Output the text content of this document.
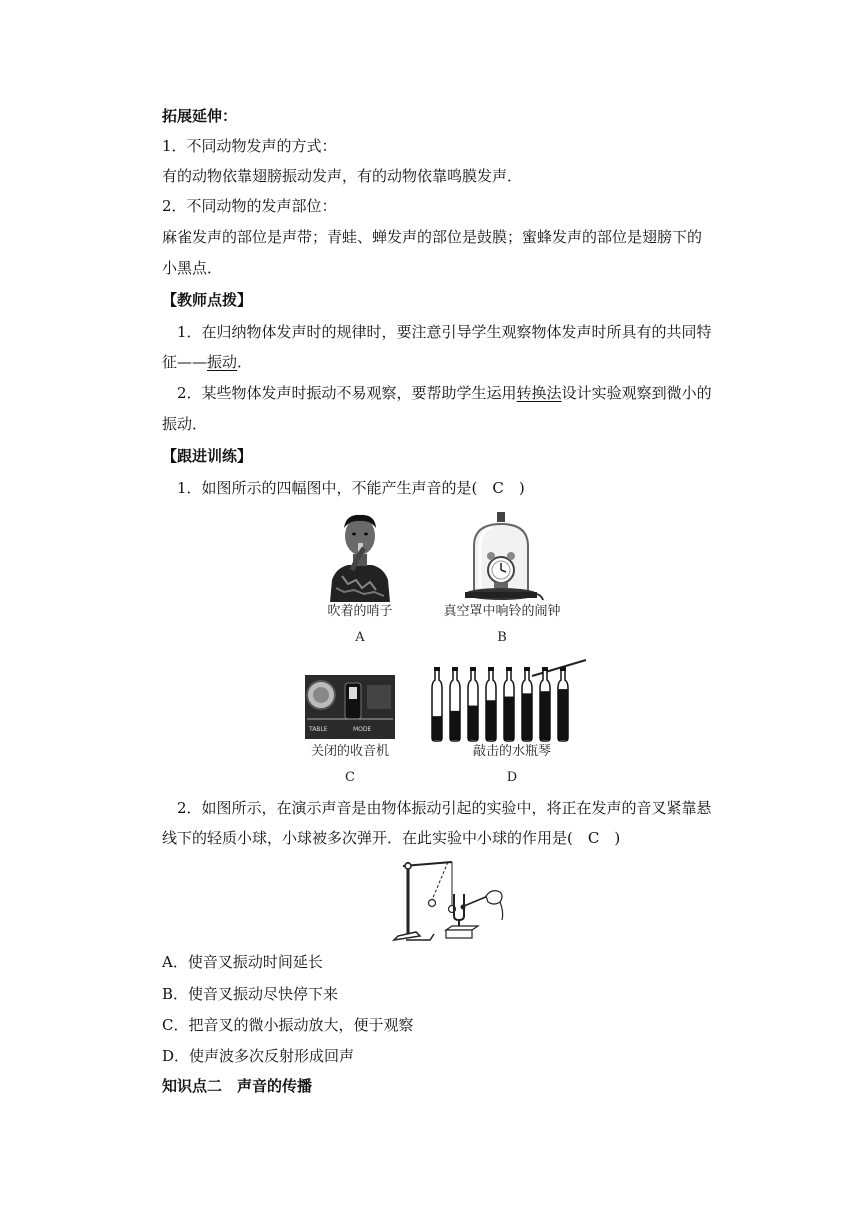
拓展延伸：
1．不同动物发声的方式：
有的动物依靠翅膀振动发声，有的动物依靠鸣膜发声．
2．不同动物的发声部位：
麻雀发声的部位是声带；青蛙、蝉发声的部位是鼓膜；蜜蜂发声的部位是翅膀下的
小黑点．
【教师点拨】
1．在归纳物体发声时的规律时，要注意引导学生观察物体发声时所具有的共同特
征——振动．
2．某些物体发声时振动不易观察，要帮助学生运用转换法设计实验观察到微小的
振动．
【跟进训练】
1．如图所示的四幅图中，不能产生声音的是(　C　)
吹着的哨子
A
真空罩中响铃的闹钟
B
TABLE	MODE
关闭的收音机
C
敲击的水瓶琴
D
2．如图所示，在演示声音是由物体振动引起的实验中，将正在发声的音叉紧靠悬
线下的轻质小球，小球被多次弹开．在此实验中小球的作用是(　C　)
A．使音叉振动时间延长
B．使音叉振动尽快停下来
C．把音叉的微小振动放大，便于观察
D．使声波多次反射形成回声
知识点二　声音的传播
